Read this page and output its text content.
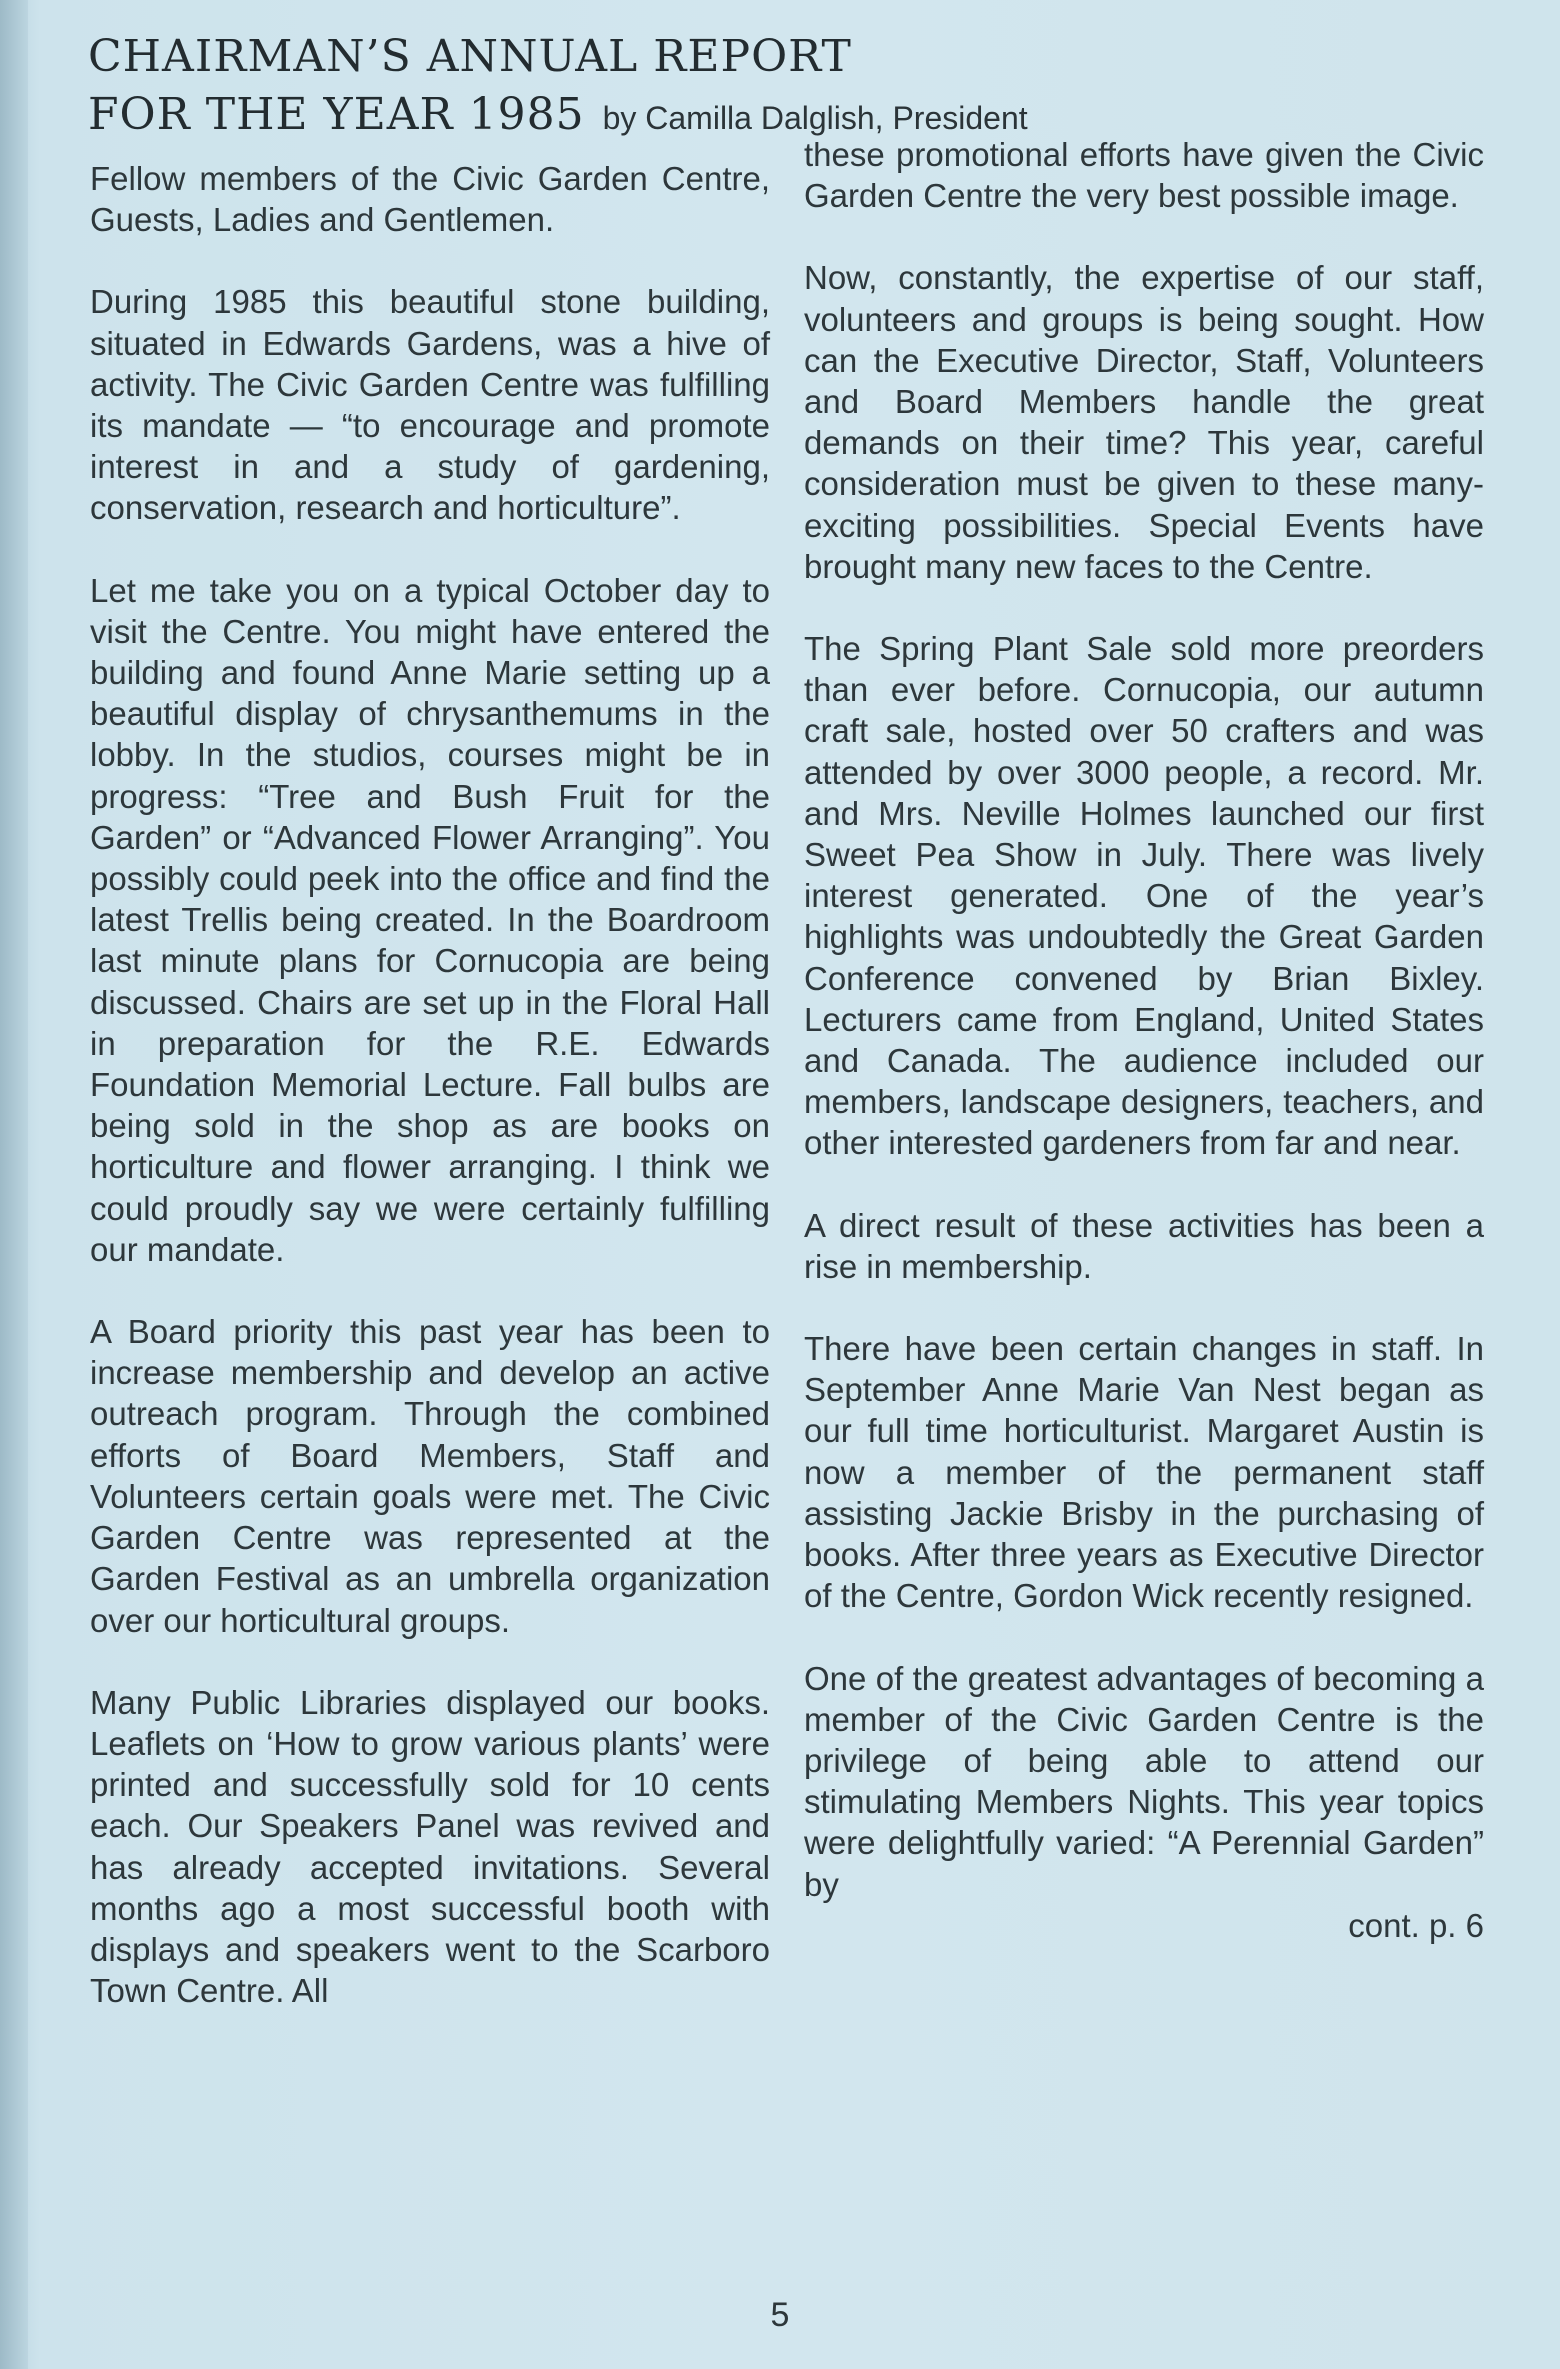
CHAIRMAN’S ANNUAL REPORT
FOR THE YEAR 1985 by Camilla Dalglish, President

Fellow members of the Civic Garden Centre, Guests, Ladies and Gentlemen.

During 1985 this beautiful stone building, situated in Edwards Gardens, was a hive of activity. The Civic Garden Centre was fulfilling its mandate — “to encourage and promote interest in and a study of gardening, conservation, research and horticulture”.

Let me take you on a typical October day to visit the Centre. You might have entered the building and found Anne Marie setting up a beautiful display of chrysanthemums in the lobby. In the studios, courses might be in progress: “Tree and Bush Fruit for the Garden” or “Advanced Flower Arranging”. You possibly could peek into the office and find the latest Trellis being created. In the Boardroom last minute plans for Cornucopia are being discussed. Chairs are set up in the Floral Hall in preparation for the R.E. Edwards Foundation Memorial Lecture. Fall bulbs are being sold in the shop as are books on horticulture and flower arranging. I think we could proudly say we were certainly fulfilling our mandate.

A Board priority this past year has been to increase membership and develop an active outreach program. Through the combined efforts of Board Members, Staff and Volunteers certain goals were met. The Civic Garden Centre was represented at the Garden Festival as an umbrella organization over our horticultural groups.

Many Public Libraries displayed our books. Leaflets on ‘How to grow various plants’ were printed and successfully sold for 10 cents each. Our Speakers Panel was revived and has already accepted invitations. Several months ago a most successful booth with displays and speakers went to the Scarboro Town Centre. All

these promotional efforts have given the Civic Garden Centre the very best possible image.

Now, constantly, the expertise of our staff, volunteers and groups is being sought. How can the Executive Director, Staff, Volunteers and Board Members handle the great demands on their time? This year, careful consideration must be given to these many-exciting possibilities. Special Events have brought many new faces to the Centre.

The Spring Plant Sale sold more preorders than ever before. Cornucopia, our autumn craft sale, hosted over 50 crafters and was attended by over 3000 people, a record. Mr. and Mrs. Neville Holmes launched our first Sweet Pea Show in July. There was lively interest generated. One of the year’s highlights was undoubtedly the Great Garden Conference convened by Brian Bixley. Lecturers came from England, United States and Canada. The audience included our members, landscape designers, teachers, and other interested gardeners from far and near.

A direct result of these activities has been a rise in membership.

There have been certain changes in staff. In September Anne Marie Van Nest began as our full time horticulturist. Margaret Austin is now a member of the permanent staff assisting Jackie Brisby in the purchasing of books. After three years as Executive Director of the Centre, Gordon Wick recently resigned.

One of the greatest advantages of becoming a member of the Civic Garden Centre is the privilege of being able to attend our stimulating Members Nights. This year topics were delightfully varied: “A Perennial Garden” by

cont. p. 6

5
